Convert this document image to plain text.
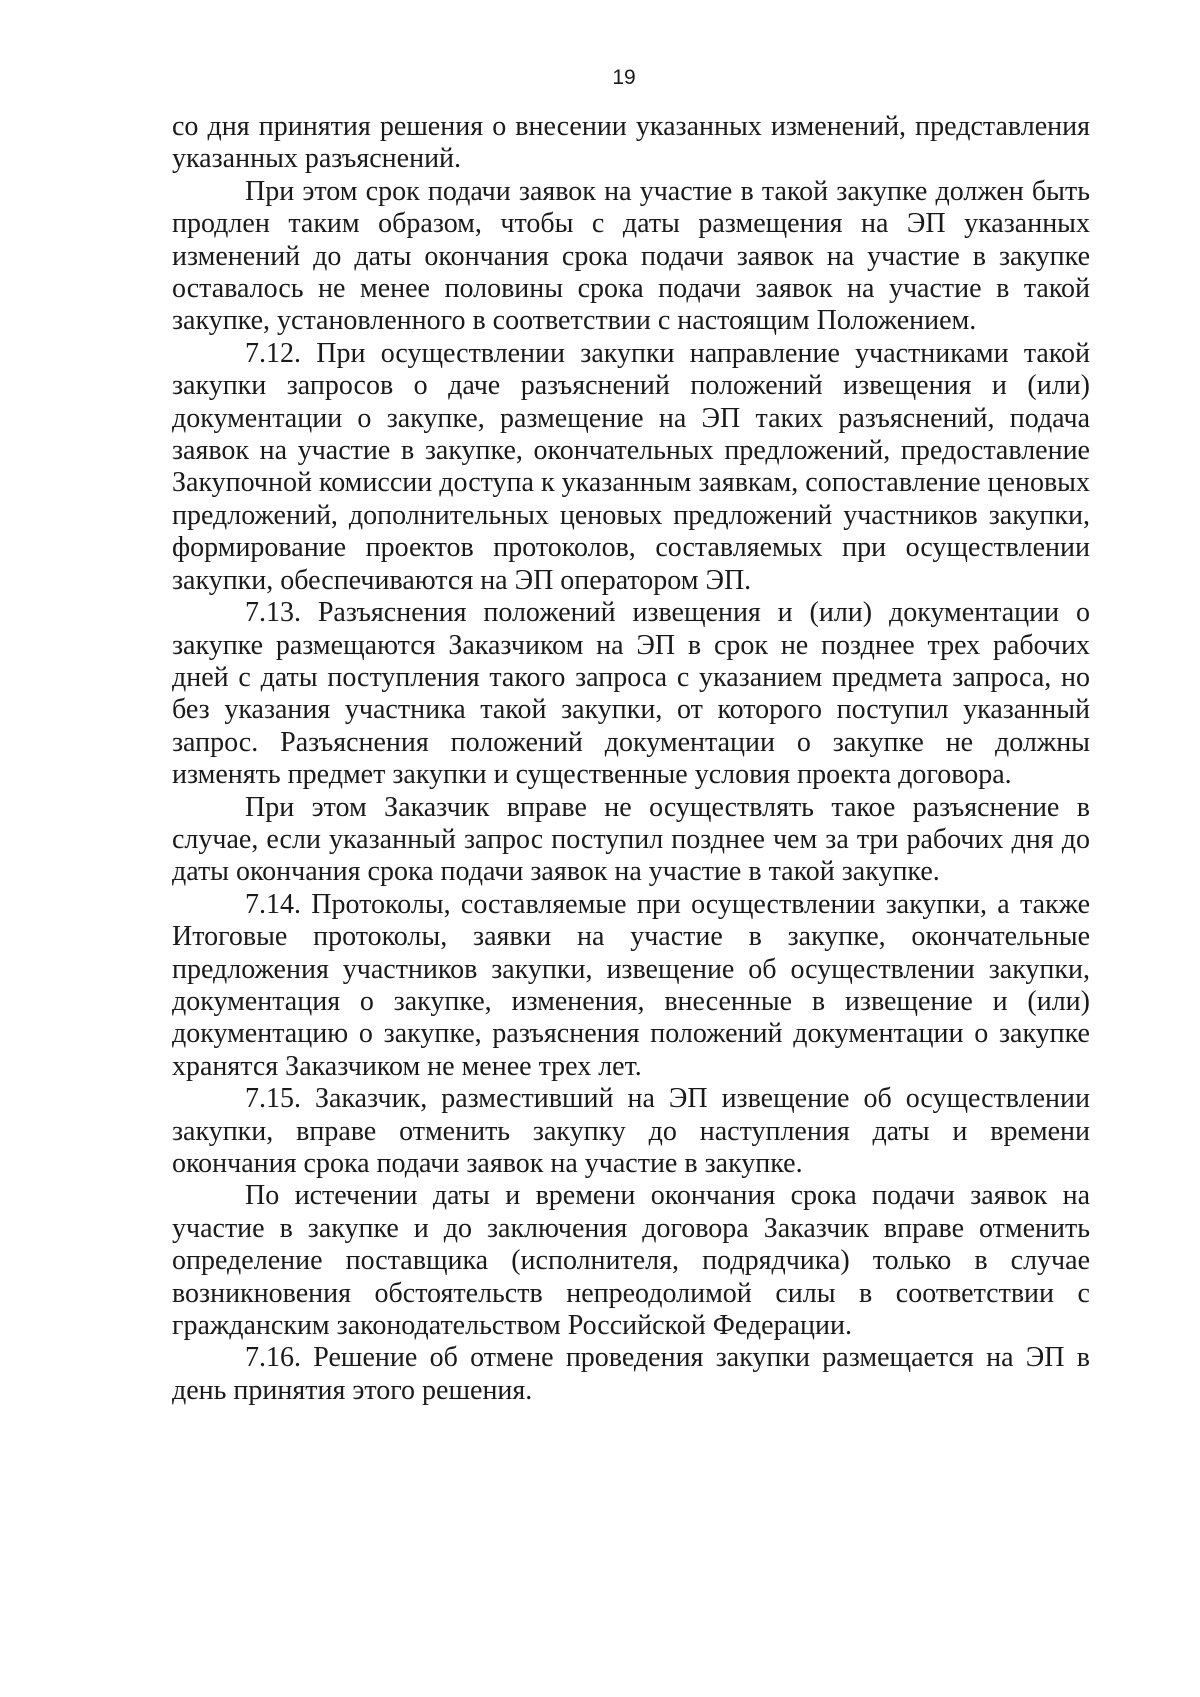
19

со дня принятия решения о внесении указанных изменений, представления указанных разъяснений.

При этом срок подачи заявок на участие в такой закупке должен быть продлен таким образом, чтобы с даты размещения на ЭП указанных изменений до даты окончания срока подачи заявок на участие в закупке оставалось не менее половины срока подачи заявок на участие в такой закупке, установленного в соответствии с настоящим Положением.

7.12. При осуществлении закупки направление участниками такой закупки запросов о даче разъяснений положений извещения и (или) документации о закупке, размещение на ЭП таких разъяснений, подача заявок на участие в закупке, окончательных предложений, предоставление Закупочной комиссии доступа к указанным заявкам, сопоставление ценовых предложений, дополнительных ценовых предложений участников закупки, формирование проектов протоколов, составляемых при осуществлении закупки, обеспечиваются на ЭП оператором ЭП.

7.13. Разъяснения положений извещения и (или) документации о закупке размещаются Заказчиком на ЭП в срок не позднее трех рабочих дней с даты поступления такого запроса с указанием предмета запроса, но без указания участника такой закупки, от которого поступил указанный запрос. Разъяснения положений документации о закупке не должны изменять предмет закупки и существенные условия проекта договора.

При этом Заказчик вправе не осуществлять такое разъяснение в случае, если указанный запрос поступил позднее чем за три рабочих дня до даты окончания срока подачи заявок на участие в такой закупке.

7.14. Протоколы, составляемые при осуществлении закупки, а также Итоговые протоколы, заявки на участие в закупке, окончательные предложения участников закупки, извещение об осуществлении закупки, документация о закупке, изменения, внесенные в извещение и (или) документацию о закупке, разъяснения положений документации о закупке хранятся Заказчиком не менее трех лет.

7.15. Заказчик, разместивший на ЭП извещение об осуществлении закупки, вправе отменить закупку до наступления даты и времени окончания срока подачи заявок на участие в закупке.

По истечении даты и времени окончания срока подачи заявок на участие в закупке и до заключения договора Заказчик вправе отменить определение поставщика (исполнителя, подрядчика) только в случае возникновения обстоятельств непреодолимой силы в соответствии с гражданским законодательством Российской Федерации.

7.16. Решение об отмене проведения закупки размещается на ЭП в день принятия этого решения.
